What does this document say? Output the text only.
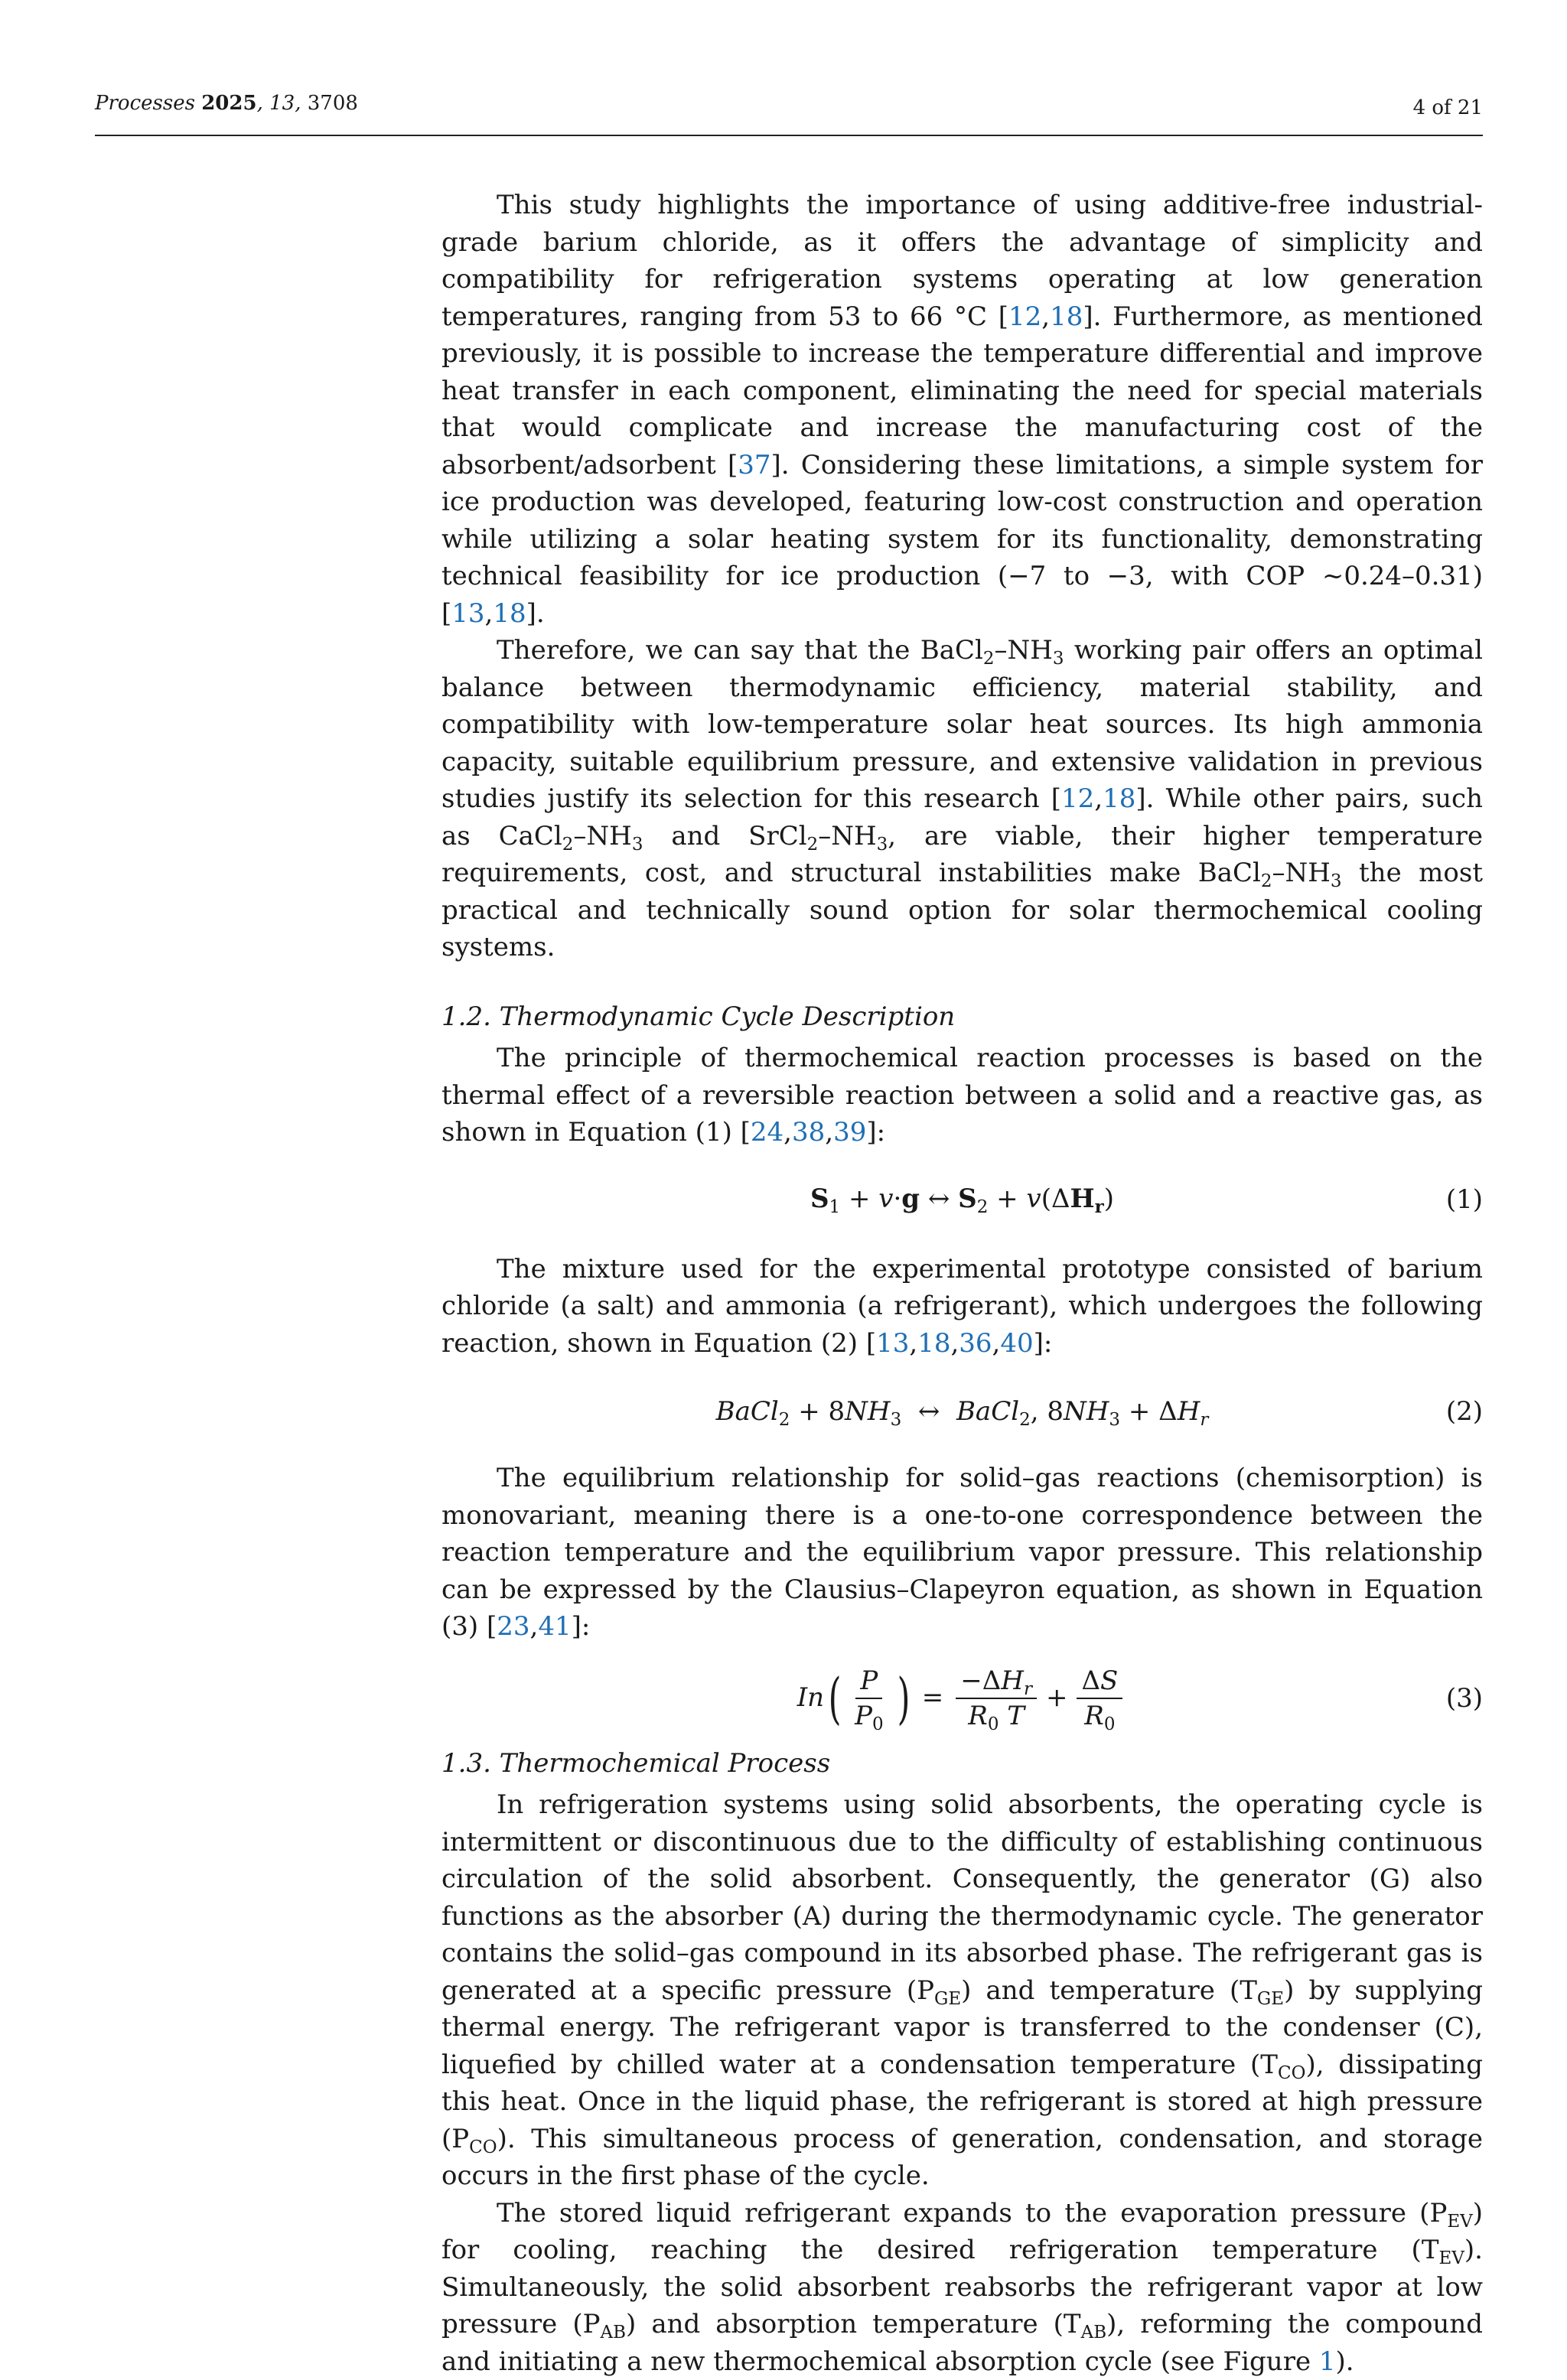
Processes 2025, 13, 3708	4 of 21

This study highlights the importance of using additive-free industrial-grade barium chloride, as it offers the advantage of simplicity and compatibility for refrigeration systems operating at low generation temperatures, ranging from 53 to 66 °C [12,18]. Furthermore, as mentioned previously, it is possible to increase the temperature differential and improve heat transfer in each component, eliminating the need for special materials that would complicate and increase the manufacturing cost of the absorbent/adsorbent [37]. Considering these limitations, a simple system for ice production was developed, featuring low-cost construction and operation while utilizing a solar heating system for its functionality, demonstrating technical feasibility for ice production (−7 to −3, with COP ~0.24–0.31) [13,18].

Therefore, we can say that the $BaCl_2-NH_3$ working pair offers an optimal balance between thermodynamic efficiency, material stability, and compatibility with low-temperature solar heat sources. Its high ammonia capacity, suitable equilibrium pressure, and extensive validation in previous studies justify its selection for this research [12,18]. While other pairs, such as $CaCl_2-NH_3$ and $SrCl_2-NH_3$, are viable, their higher temperature requirements, cost, and structural instabilities make $BaCl_2-NH_3$ the most practical and technically sound option for solar thermochemical cooling systems.

1.2. Thermodynamic Cycle Description

The principle of thermochemical reaction processes is based on the thermal effect of a reversible reaction between a solid and a reactive gas, as shown in Equation (1) [24,38,39]:

$S_1 + v\cdot g$ ↔ $S_2 + v(\Delta H_r)$	(1)

The mixture used for the experimental prototype consisted of barium chloride (a salt) and ammonia (a refrigerant), which undergoes the following reaction, shown in Equation (2) [13,18,36,40]:

BaCl$_2$ + $8NH_3$  ↔  BaCl$_2$, $8NH_3 + \Delta H_r$	(2)

The equilibrium relationship for solid–gas reactions (chemisorption) is monovariant, meaning there is a one-to-one correspondence between the reaction temperature and the equilibrium vapor pressure. This relationship can be expressed by the Clausius–Clapeyron equation, as shown in Equation (3) [23,41]:

In ( $\frac{P}{P_0}$ ) = $\frac{-\Delta H_r}{R_0 T} + \frac{\Delta S}{R_0}$	(3)
1.3. Thermochemical Process

In refrigeration systems using solid absorbents, the operating cycle is intermittent or discontinuous due to the difficulty of establishing continuous circulation of the solid absorbent. Consequently, the generator (G) also functions as the absorber (A) during the thermodynamic cycle. The generator contains the solid–gas compound in its absorbed phase. The refrigerant gas is generated at a specific pressure $(P_{GE})$ and temperature $(T_{GE})$ by supplying thermal energy. The refrigerant vapor is transferred to the condenser (C), liquefied by chilled water at a condensation temperature $(T_{CO})$, dissipating this heat. Once in the liquid phase, the refrigerant is stored at high pressure $(P_{CO})$. This simultaneous process of generation, condensation, and storage occurs in the first phase of the cycle.

The stored liquid refrigerant expands to the evaporation pressure $(P_{EV})$ for cooling, reaching the desired refrigeration temperature $(T_{EV})$. Simultaneously, the solid absorbent reabsorbs the refrigerant vapor at low pressure $(P_{AB})$ and absorption temperature $(T_{AB})$, reforming the compound and initiating a new thermochemical absorption cycle (see Figure 1).
